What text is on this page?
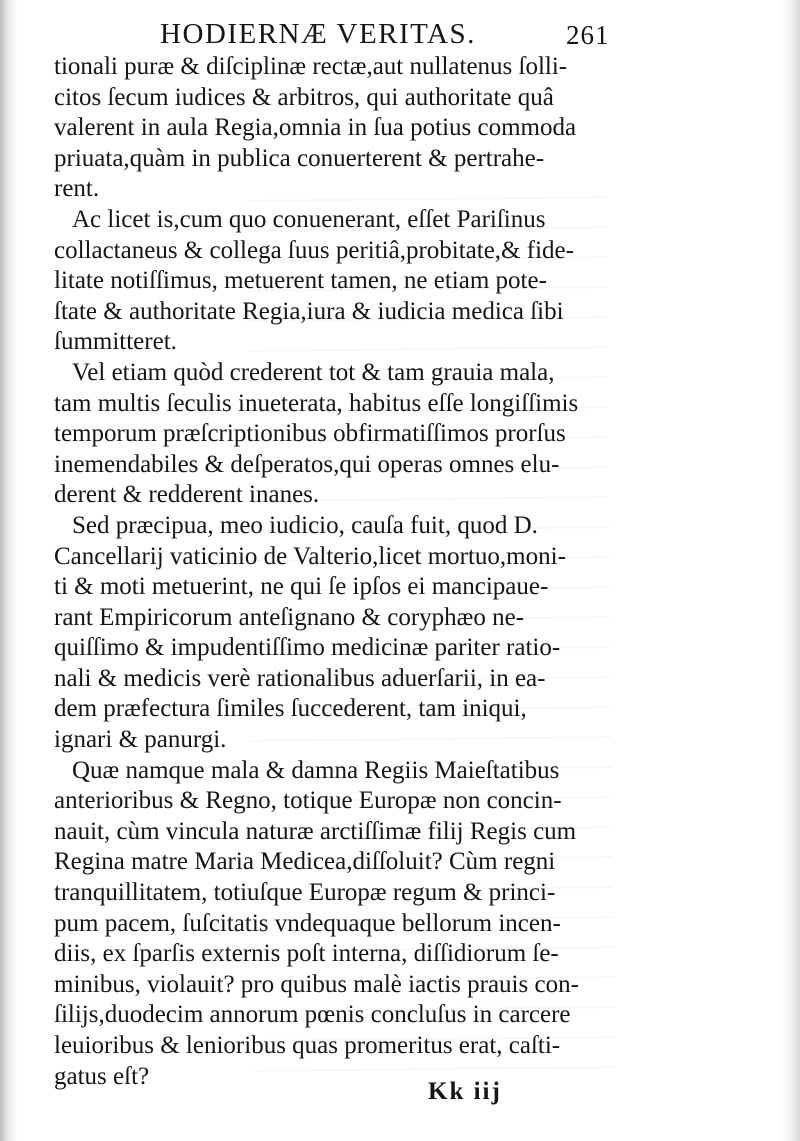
HODIERNÆ VERITAS.	261
tionali puræ & diſciplinæ rectæ,aut nullatenus ſolli-
citos ſecum iudices & arbitros, qui authoritate quâ
valerent in aula Regia,omnia in ſua potius commoda
priuata,quàm in publica conuerterent & pertrahe-
rent.
Ac licet is,cum quo conuenerant, eſſet Pariſinus
collactaneus & collega ſuus peritiâ,probitate,& fide-
litate notiſſimus, metuerent tamen, ne etiam pote-
ſtate & authoritate Regia,iura & iudicia medica ſibi
ſummitteret.
Vel etiam quòd crederent tot & tam grauia mala,
tam multis ſeculis inueterata, habitus eſſe longiſſimis
temporum præſcriptionibus obfirmatiſſimos prorſus
inemendabiles & deſperatos,qui operas omnes elu-
derent & redderent inanes.
Sed præcipua, meo iudicio, cauſa fuit, quod D.
Cancellarij vaticinio de Valterio,licet mortuo,moni-
ti & moti metuerint, ne qui ſe ipſos ei mancipaue-
rant Empiricorum anteſignano & coryphæo ne-
quiſſimo & impudentiſſimo medicinæ pariter ratio-
nali & medicis verè rationalibus aduerſarii, in ea-
dem præfectura ſimiles ſuccederent, tam iniqui,
ignari & panurgi.
Quæ namque mala & damna Regiis Maieſtatibus
anterioribus & Regno, totique Europæ non concin-
nauit, cùm vincula naturæ arctiſſimæ filij Regis cum
Regina matre Maria Medicea,diſſoluit? Cùm regni
tranquillitatem, totiuſque Europæ regum & princi-
pum pacem, ſuſcitatis vndequaque bellorum incen-
diis, ex ſparſis externis poſt interna, diſſidiorum ſe-
minibus, violauit? pro quibus malè iactis prauis con-
ſilijs,duodecim annorum pœnis concluſus in carcere
leuioribus & lenioribus quas promeritus erat, caſti-
gatus eſt?
Kk iij
